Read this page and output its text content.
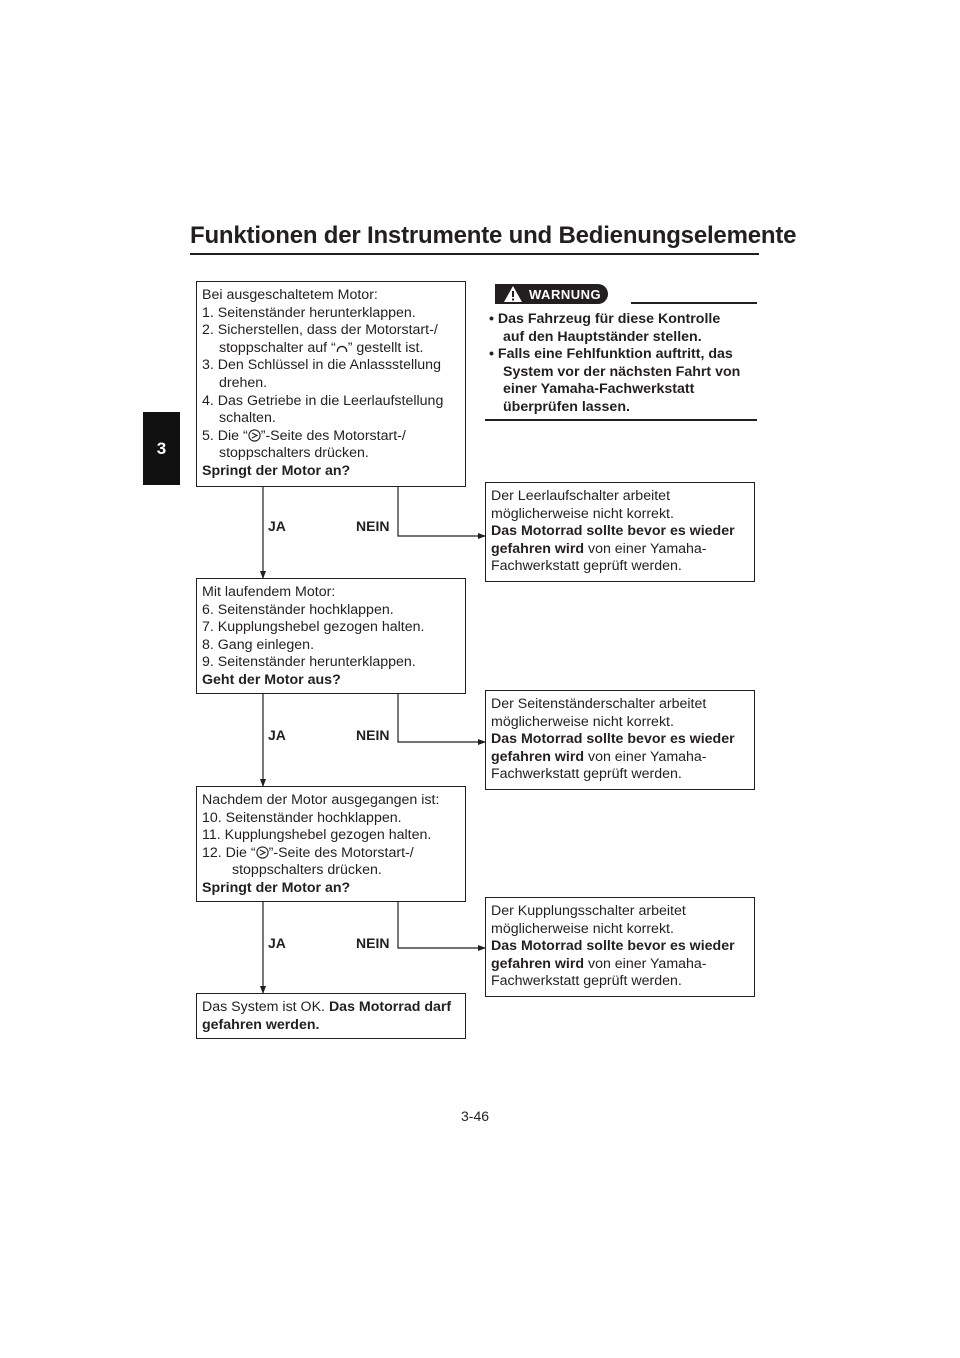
Funktionen der Instrumente und Bedienungselemente
3
Bei ausgeschaltetem Motor:
1. Seitenständer herunterklappen.
2. Sicherstellen, dass der Motorstart-/
stoppschalter auf “ ” gestellt ist.
3. Den Schlüssel in die Anlassstellung
drehen.
4. Das Getriebe in die Leerlaufstellung
schalten.
5. Die “ ”-Seite des Motorstart-/
stoppschalters drücken.
Springt der Motor an?
Mit laufendem Motor:
6. Seitenständer hochklappen.
7. Kupplungshebel gezogen halten.
8. Gang einlegen.
9. Seitenständer herunterklappen.
Geht der Motor aus?
Nachdem der Motor ausgegangen ist:
10. Seitenständer hochklappen.
11. Kupplungshebel gezogen halten.
12. Die “ ”-Seite des Motorstart-/
stoppschalters drücken.
Springt der Motor an?
Das System ist OK. Das Motorrad darf
gefahren werden.
Der Leerlaufschalter arbeitet
möglicherweise nicht korrekt.
Das Motorrad sollte bevor es wieder
gefahren wird von einer Yamaha-
Fachwerkstatt geprüft werden.
Der Seitenständerschalter arbeitet
möglicherweise nicht korrekt.
Das Motorrad sollte bevor es wieder
gefahren wird von einer Yamaha-
Fachwerkstatt geprüft werden.
Der Kupplungsschalter arbeitet
möglicherweise nicht korrekt.
Das Motorrad sollte bevor es wieder
gefahren wird von einer Yamaha-
Fachwerkstatt geprüft werden.
JA	NEIN
JA	NEIN
JA	NEIN
WARNUNG
• Das Fahrzeug für diese Kontrolle
auf den Hauptständer stellen.
• Falls eine Fehlfunktion auftritt, das
System vor der nächsten Fahrt von
einer Yamaha-Fachwerkstatt
überprüfen lassen.
3-46
